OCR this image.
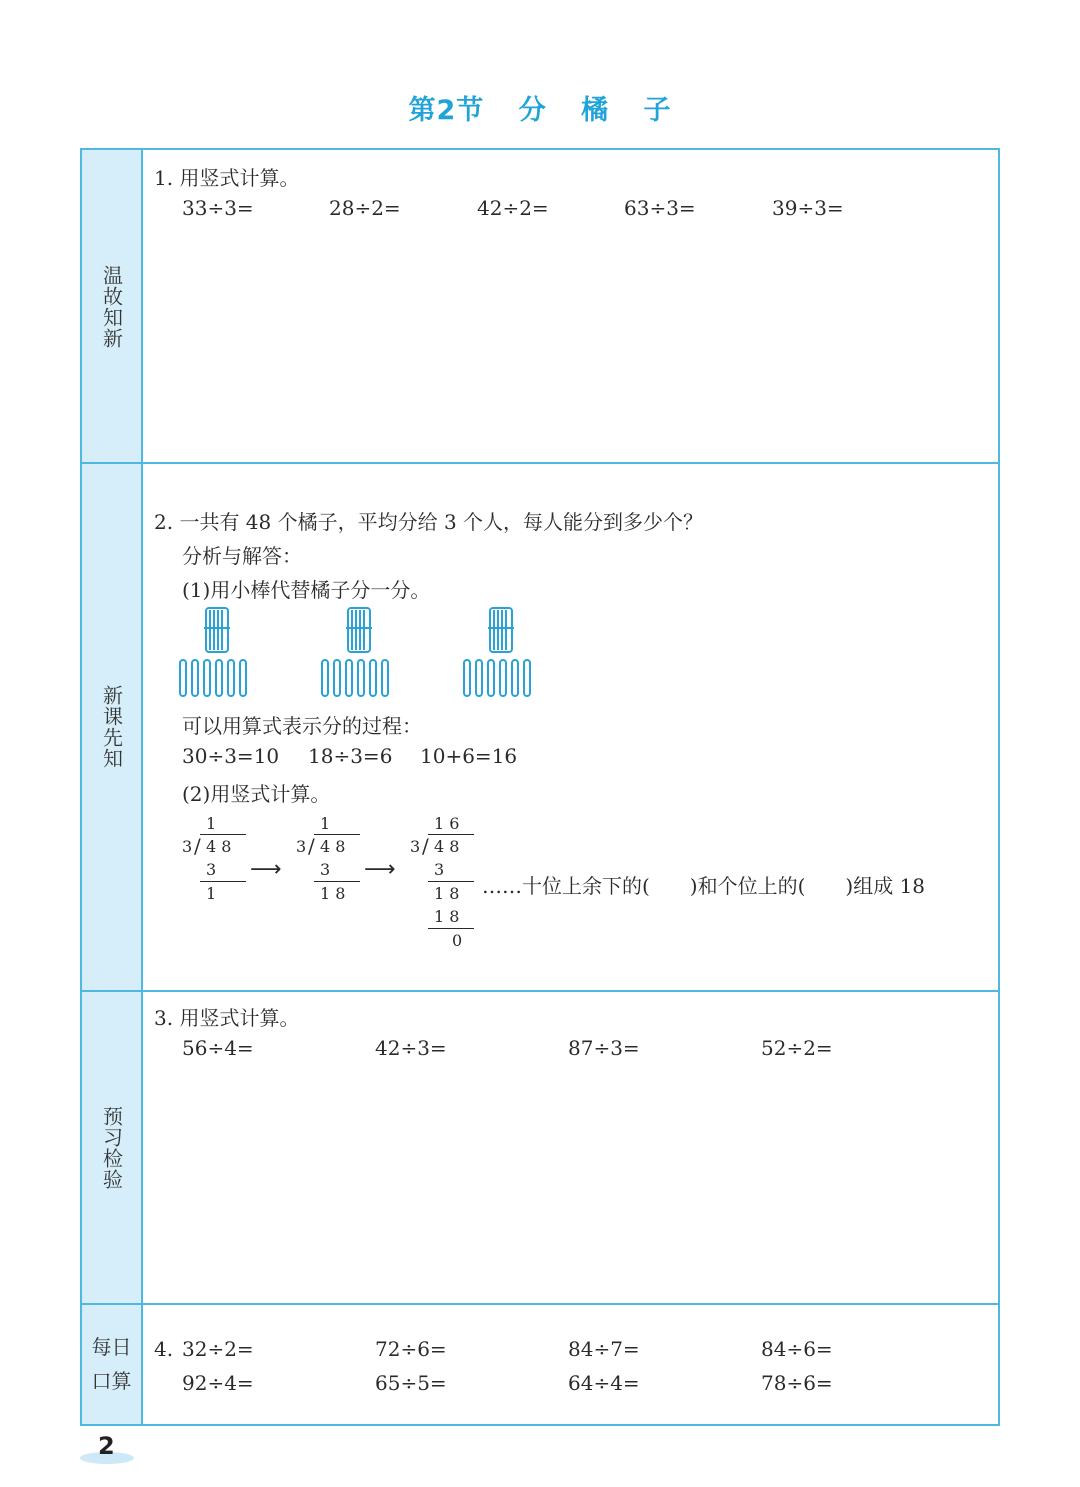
第2节 分 橘 子
温故知新
新课先知
预习检验
每日
口算
1. 用竖式计算。
33÷3=	28÷2=	42÷2=	63÷3=	39÷3=
2. 一共有 48 个橘子，平均分给 3 个人，每人能分到多少个？
分析与解答：
(1)用小棒代替橘子分一分。
可以用算式表示分的过程：
30÷3=10 18÷3=6 10+6=16
(2)用竖式计算。
1
3 / 4 8
3
1
⟶
1
3 / 4 8
3
1 8
⟶
1 6
3 / 4 8
3
1 8
1 8
0
……十位上余下的(　　)和个位上的(　　)组成 18
3. 用竖式计算。
56÷4=	42÷3=	87÷3=	52÷2=
4. 32÷2=	72÷6=	84÷7=	84÷6=
92÷4=	65÷5=	64÷4=	78÷6=
2
